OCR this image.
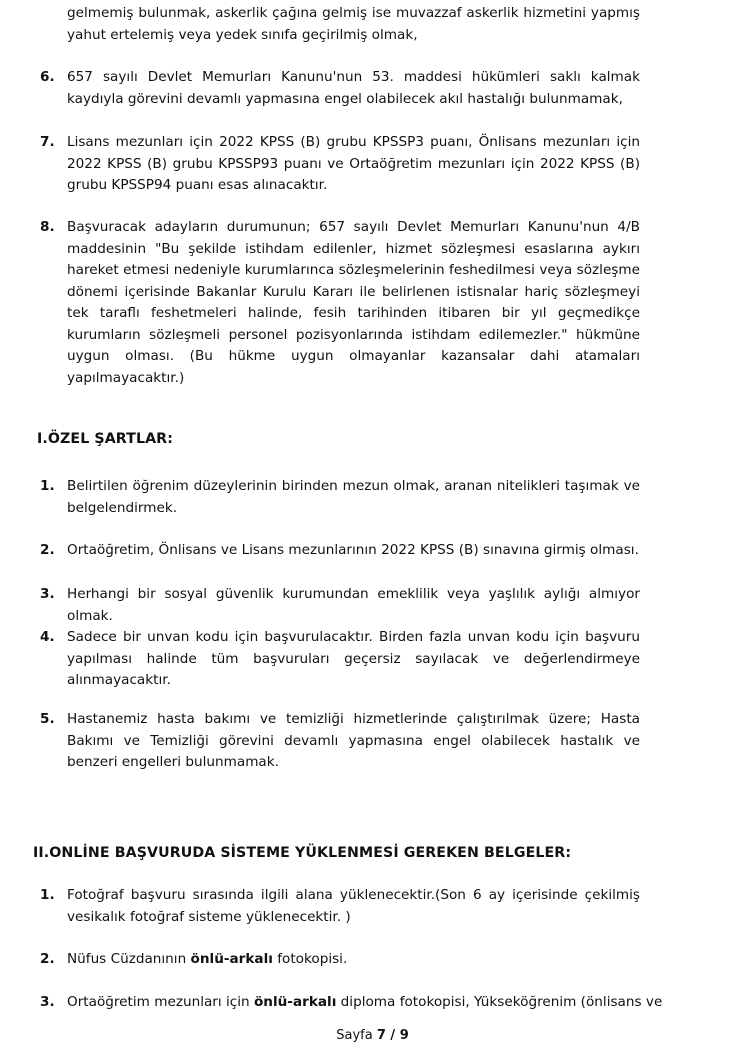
gelmemiş bulunmak, askerlik çağına gelmiş ise muvazzaf askerlik hizmetini yapmış yahut ertelemiş veya yedek sınıfa geçirilmiş olmak,
6. 657 sayılı Devlet Memurları Kanunu'nun 53. maddesi hükümleri saklı kalmak kaydıyla görevini devamlı yapmasına engel olabilecek akıl hastalığı bulunmamak,
7. Lisans mezunları için 2022 KPSS (B) grubu KPSSP3 puanı, Önlisans mezunları için 2022 KPSS (B) grubu KPSSP93 puanı ve Ortaöğretim mezunları için 2022 KPSS (B) grubu KPSSP94 puanı esas alınacaktır.
8. Başvuracak adayların durumunun; 657 sayılı Devlet Memurları Kanunu'nun 4/B maddesinin "Bu şekilde istihdam edilenler, hizmet sözleşmesi esaslarına aykırı hareket etmesi nedeniyle kurumlarınca sözleşmelerinin feshedilmesi veya sözleşme dönemi içerisinde Bakanlar Kurulu Kararı ile belirlenen istisnalar hariç sözleşmeyi tek taraflı feshetmeleri halinde, fesih tarihinden itibaren bir yıl geçmedikçe kurumların sözleşmeli personel pozisyonlarında istihdam edilemezler." hükmüne uygun olması. (Bu hükme uygun olmayanlar kazansalar dahi atamaları yapılmayacaktır.)
I.ÖZEL ŞARTLAR:
1. Belirtilen öğrenim düzeylerinin birinden mezun olmak, aranan nitelikleri taşımak ve belgelendirmek.
2. Ortaöğretim, Önlisans ve Lisans mezunlarının 2022 KPSS (B) sınavına girmiş olması.
3. Herhangi bir sosyal güvenlik kurumundan emeklilik veya yaşlılık aylığı almıyor olmak.
4. Sadece bir unvan kodu için başvurulacaktır. Birden fazla unvan kodu için başvuru yapılması halinde tüm başvuruları geçersiz sayılacak ve değerlendirmeye alınmayacaktır.
5. Hastanemiz hasta bakımı ve temizliği hizmetlerinde çalıştırılmak üzere; Hasta Bakımı ve Temizliği görevini devamlı yapmasına engel olabilecek hastalık ve benzeri engelleri bulunmamak.
II.ONLİNE BAŞVURUDA SİSTEME YÜKLENMESİ GEREKEN BELGELER:
1. Fotoğraf başvuru sırasında ilgili alana yüklenecektir.(Son 6 ay içerisinde çekilmiş vesikalık fotoğraf sisteme yüklenecektir. )
2. Nüfus Cüzdanının önlü-arkalı fotokopisi.
3. Ortaöğretim mezunları için önlü-arkalı diploma fotokopisi, Yükseköğrenim (önlisans ve
Sayfa 7 / 9
